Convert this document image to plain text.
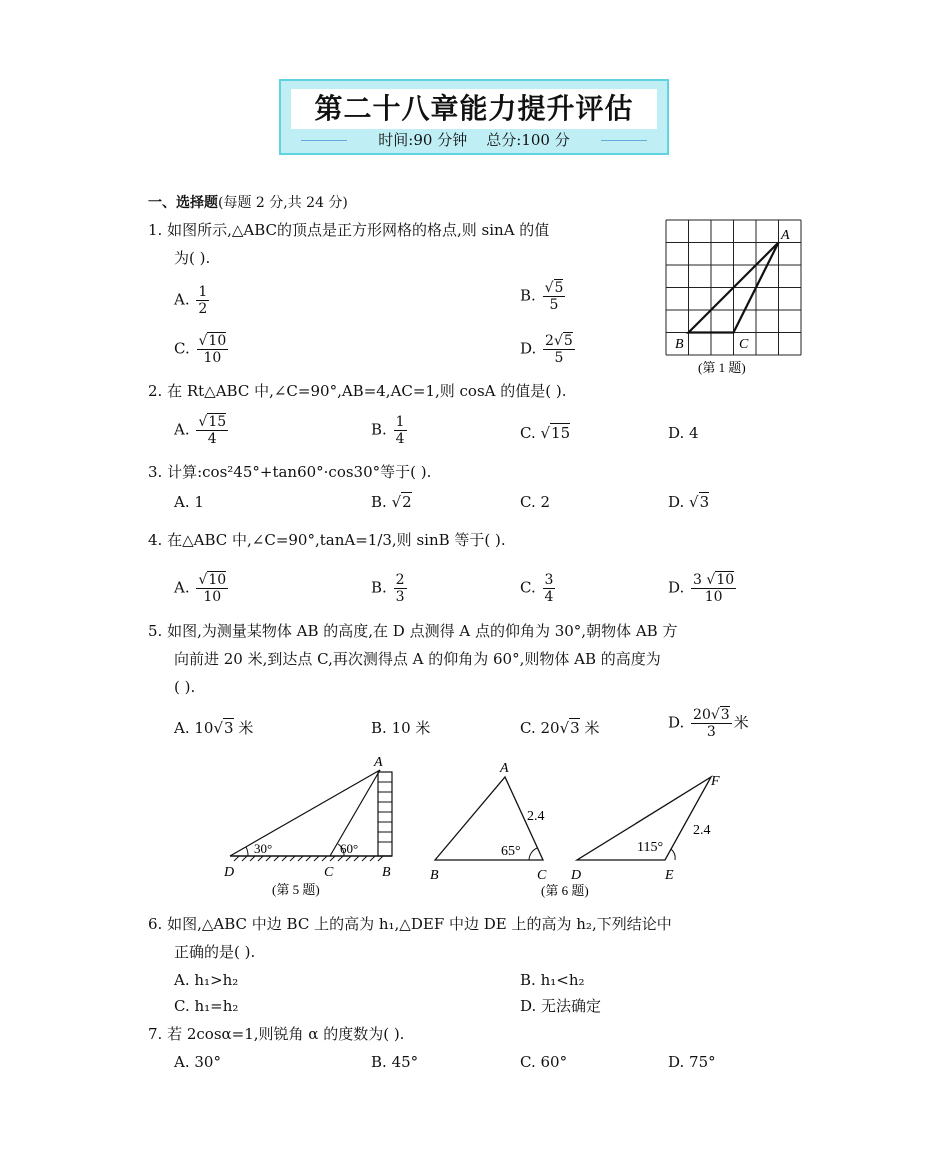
第二十八章能力提升评估
时间:90 分钟    总分:100 分
一、选择题(每题 2 分,共 24 分)
1. 如图所示,△ABC的顶点是正方形网格的格点,则 sinA 的值
为( ).
A. $\frac{1}{2}$	B. $\frac{√5}{5}$
C. $\frac{√10}{10}$	D. $\frac{2√5}{5}$
A
B	C
(第 1 题)
2. 在 Rt△ABC 中,∠C=90°,AB=4,AC=1,则 cosA 的值是( ).
A. $\frac{√15}{4}$	B. $\frac{1}{4}$	C. √15	D. 4
3. 计算:cos²45°+tan60°·cos30°等于( ).
A. 1	B. √2	C. 2	D. √3
4. 在△ABC 中,∠C=90°,tanA=1/3,则 sinB 等于( ).
A. $\frac{√10}{10}$	B. $\frac{2}{3}$	C. $\frac{3}{4}$	D. $\frac{3 √10}{10}$
5. 如图,为测量某物体 AB 的高度,在 D 点测得 A 点的仰角为 30°,朝物体 AB 方
向前进 20 米,到达点 C,再次测得点 A 的仰角为 60°,则物体 AB 的高度为
( ).
A. 10√3 米	B. 10 米	C. 20√3 米	D. $\frac{20√3}{3}$ 米
A
D	C	B
30°	60°
(第 5 题)
A
B	C
2.4
65°
D	E
F
2.4
115°
(第 6 题)
6. 如图,△ABC 中边 BC 上的高为 h₁,△DEF 中边 DE 上的高为 h₂,下列结论中
正确的是( ).
A. h₁>h₂	B. h₁<h₂
C. h₁=h₂	D. 无法确定
7. 若 2cosα=1,则锐角 α 的度数为( ).
A. 30°	B. 45°	C. 60°	D. 75°
